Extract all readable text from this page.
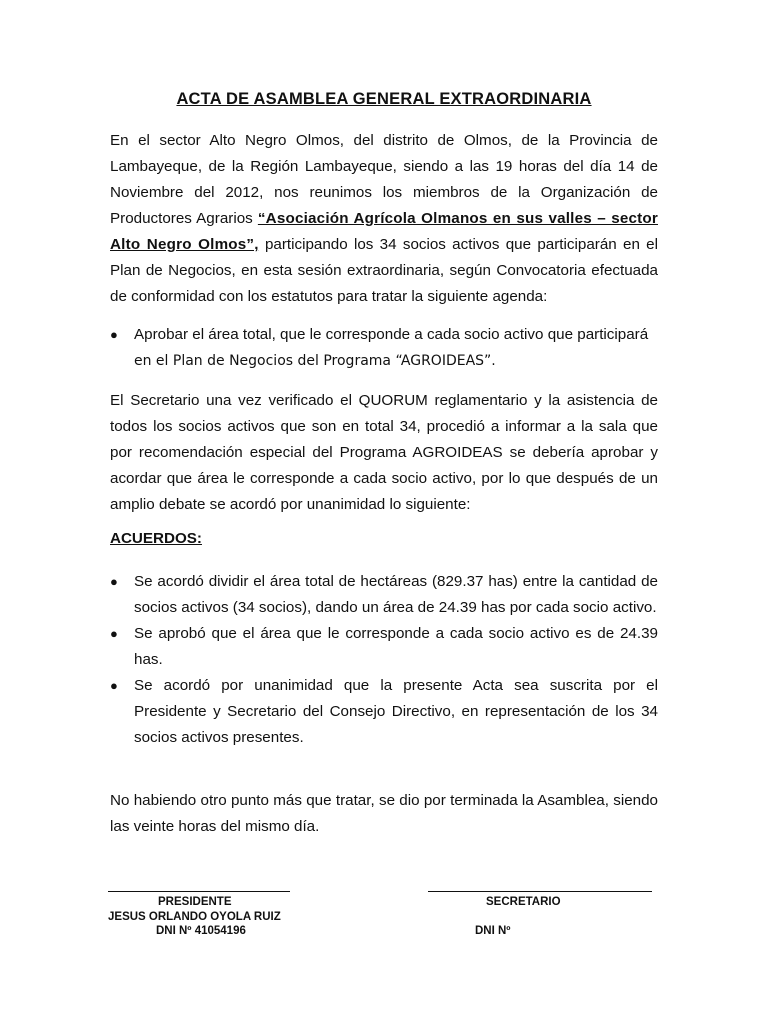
ACTA DE ASAMBLEA GENERAL EXTRAORDINARIA

En el sector Alto Negro Olmos, del distrito de Olmos, de la Provincia de Lambayeque, de la Región Lambayeque, siendo a las 19 horas del día 14 de Noviembre del 2012, nos reunimos los miembros de la Organización de Productores Agrarios “Asociación Agrícola Olmanos en sus valles – sector Alto Negro Olmos”, participando los 34 socios activos que participarán en el Plan de Negocios, en esta sesión extraordinaria, según Convocatoria efectuada de conformidad con los estatutos para tratar la siguiente agenda:

● Aprobar el área total, que le corresponde a cada socio activo que participará
en el Plan de Negocios del Programa “AGROIDEAS”.

El Secretario una vez verificado el QUORUM reglamentario y la asistencia de todos los socios activos que son en total 34, procedió a informar a la sala que por recomendación especial del Programa AGROIDEAS se debería aprobar y acordar que área le corresponde a cada socio activo, por lo que después de un amplio debate se acordó por unanimidad lo siguiente:

ACUERDOS:
● Se acordó dividir el área total de hectáreas (829.37 has) entre la cantidad de socios activos (34 socios), dando un área de 24.39 has por cada socio activo.
● Se aprobó que el área que le corresponde a cada socio activo es de 24.39 has.
● Se acordó por unanimidad que la presente Acta sea suscrita por el Presidente y Secretario del Consejo Directivo, en representación de los 34 socios activos presentes.

No habiendo otro punto más que tratar, se dio por terminada la Asamblea, siendo las veinte horas del mismo día.

PRESIDENTE
JESUS ORLANDO OYOLA RUIZ
DNI Nº 41054196
SECRETARIO
DNI Nº
